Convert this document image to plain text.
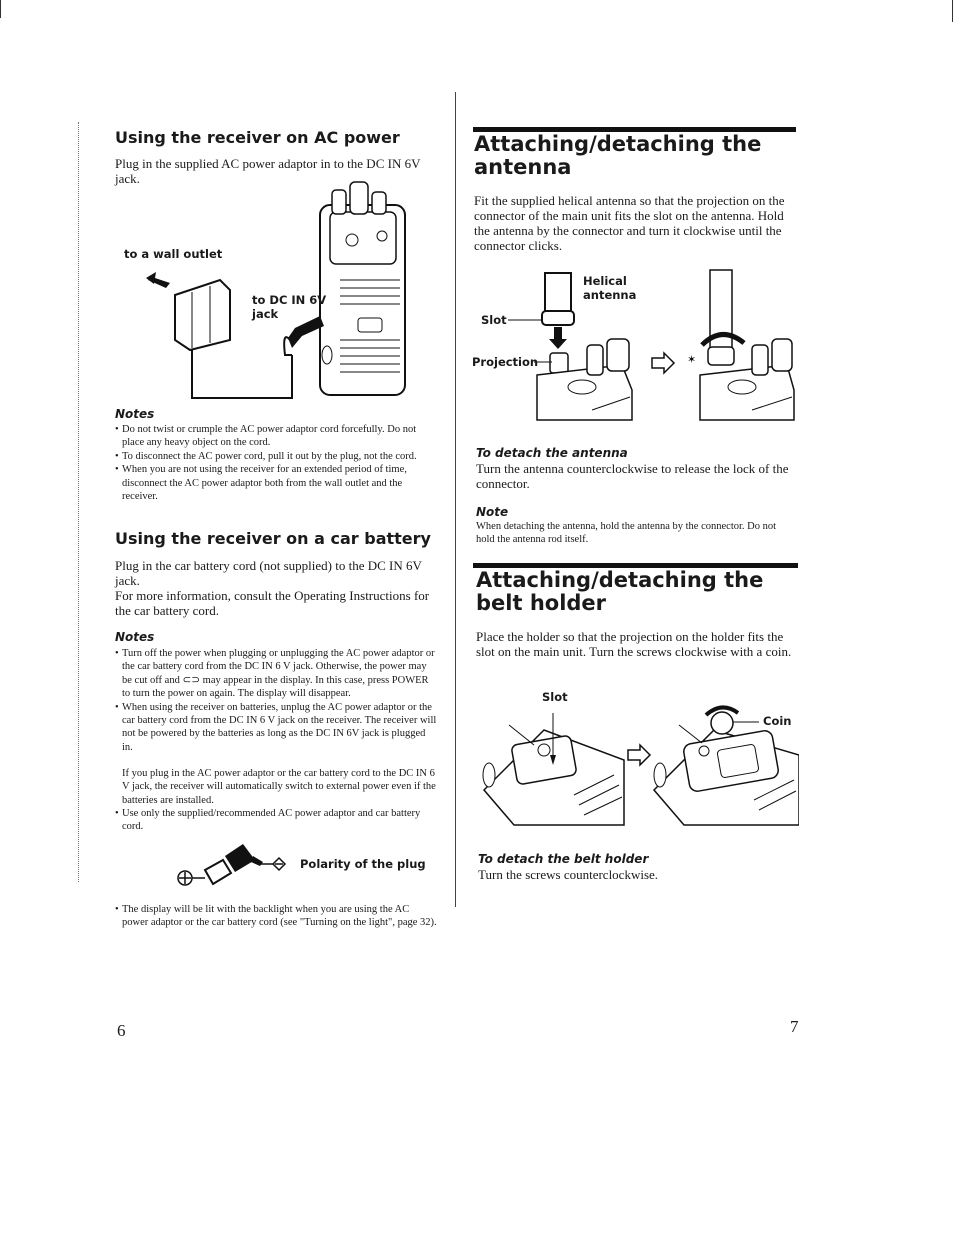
Using the receiver on AC power
Plug in the supplied AC power adaptor in to the DC IN 6V jack.
to a wall outlet
to DC IN 6V
jack
Notes
• Do not twist or crumple the AC power adaptor cord forcefully. Do not place any heavy object on the cord.
• To disconnect the AC power cord, pull it out by the plug, not the cord.
• When you are not using the receiver for an extended period of time, disconnect the AC power adaptor both from the wall outlet and the receiver.
Using the receiver on a car battery
Plug in the car battery cord (not supplied) to the DC IN 6V jack.
For more information, consult the Operating Instructions for the car battery cord.
Notes
• Turn off the power when plugging or unplugging the AC power adaptor or the car battery cord from the DC IN 6 V jack. Otherwise, the power may be cut off and ⊂⊃ may appear in the display. In this case, press POWER to turn the power on again. The display will disappear.
• When using the receiver on batteries, unplug the AC power adaptor or the car battery cord from the DC IN 6 V jack on the receiver. The receiver will not be powered by the batteries as long as the DC IN 6V jack is plugged in.
If you plug in the AC power adaptor or the car battery cord to the DC IN 6 V jack, the receiver will automatically switch to external power even if the batteries are installed.
• Use only the supplied/recommended AC power adaptor and car battery cord.
Polarity of the plug
• The display will be lit with the backlight when you are using the AC power adaptor or the car battery cord (see "Turning on the light", page 32).
6
Attaching/detaching the antenna
Fit the supplied helical antenna so that the projection on the connector of the main unit fits the slot on the antenna. Hold the antenna by the connector and turn it clockwise until the connector clicks.
✶
Helical
antenna
Slot
Projection
To detach the antenna
Turn the antenna counterclockwise to release the lock of the connector.
Note
When detaching the antenna, hold the antenna by the connector. Do not hold the antenna rod itself.
Attaching/detaching the belt holder
Place the holder so that the projection on the holder fits the slot on the main unit. Turn the screws clockwise with a coin.
Slot
Coin
To detach the belt holder
Turn the screws counterclockwise.
7
